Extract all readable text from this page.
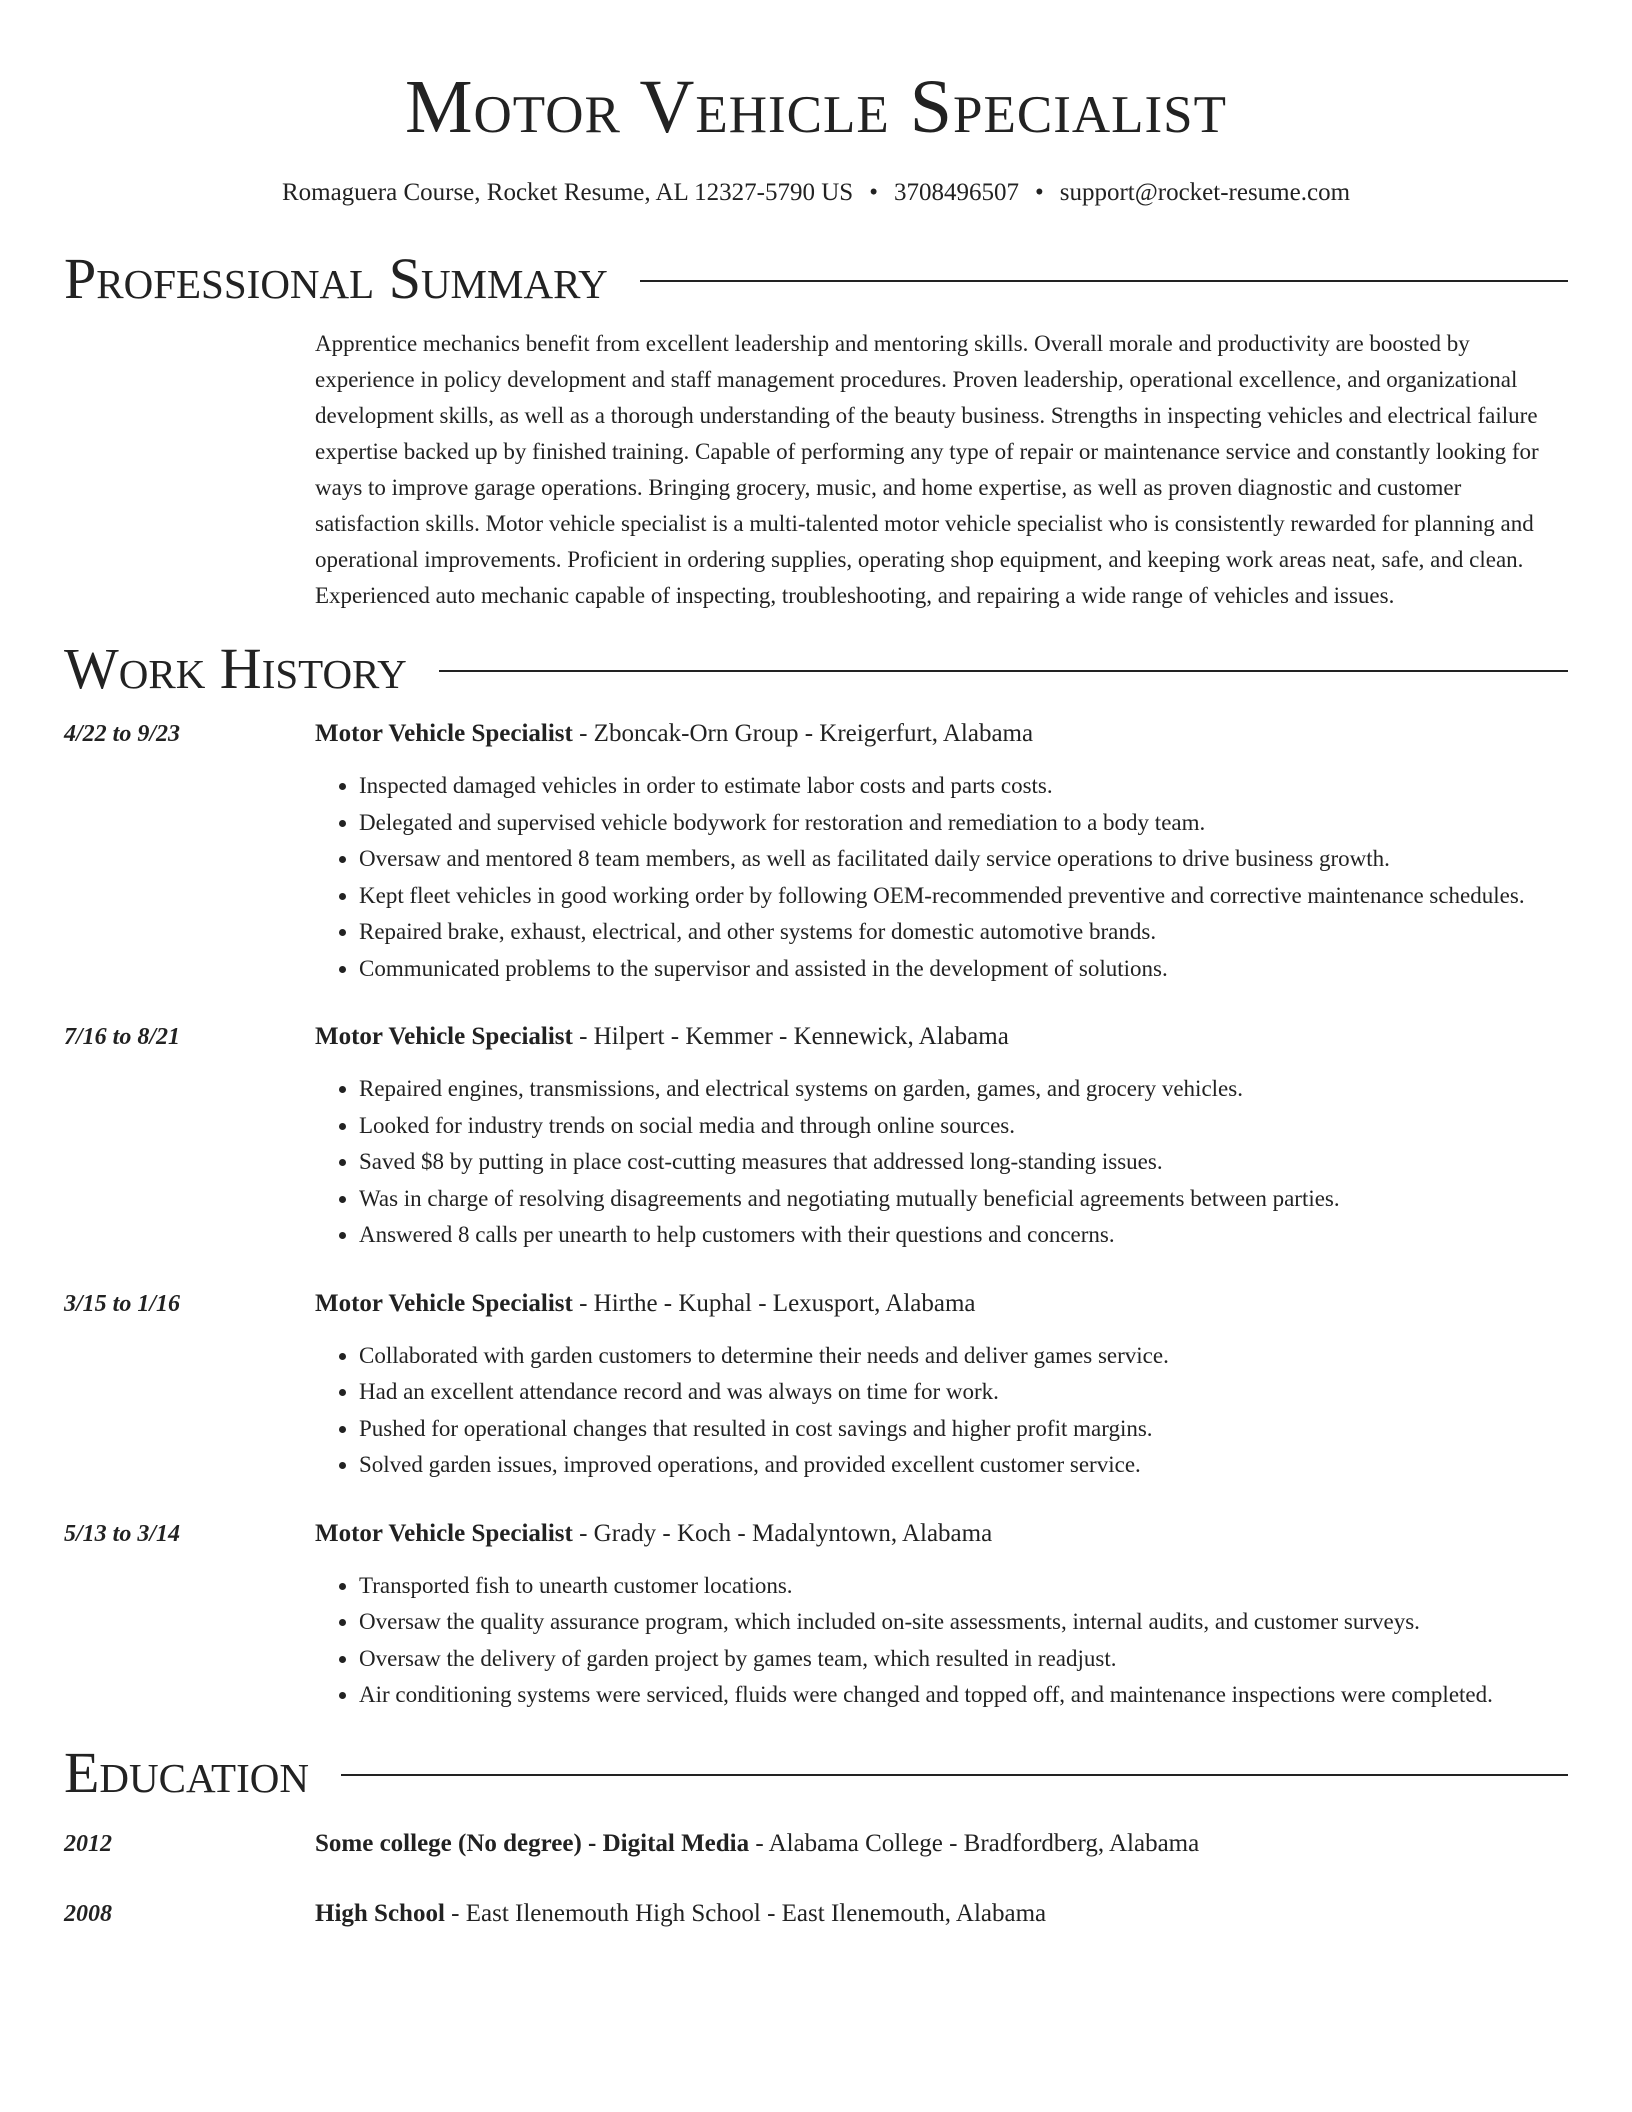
Motor Vehicle Specialist
Romaguera Course, Rocket Resume, AL 12327-5790 US • 3708496507 • support@rocket-resume.com
Professional Summary
Apprentice mechanics benefit from excellent leadership and mentoring skills. Overall morale and productivity are boosted by experience in policy development and staff management procedures. Proven leadership, operational excellence, and organizational development skills, as well as a thorough understanding of the beauty business. Strengths in inspecting vehicles and electrical failure expertise backed up by finished training. Capable of performing any type of repair or maintenance service and constantly looking for ways to improve garage operations. Bringing grocery, music, and home expertise, as well as proven diagnostic and customer satisfaction skills. Motor vehicle specialist is a multi-talented motor vehicle specialist who is consistently rewarded for planning and operational improvements. Proficient in ordering supplies, operating shop equipment, and keeping work areas neat, safe, and clean. Experienced auto mechanic capable of inspecting, troubleshooting, and repairing a wide range of vehicles and issues.
Work History
4/22 to 9/23	Motor Vehicle Specialist - Zboncak-Orn Group - Kreigerfurt, Alabama
• Inspected damaged vehicles in order to estimate labor costs and parts costs.
• Delegated and supervised vehicle bodywork for restoration and remediation to a body team.
• Oversaw and mentored 8 team members, as well as facilitated daily service operations to drive business growth.
• Kept fleet vehicles in good working order by following OEM-recommended preventive and corrective maintenance schedules.
• Repaired brake, exhaust, electrical, and other systems for domestic automotive brands.
• Communicated problems to the supervisor and assisted in the development of solutions.
7/16 to 8/21	Motor Vehicle Specialist - Hilpert - Kemmer - Kennewick, Alabama
• Repaired engines, transmissions, and electrical systems on garden, games, and grocery vehicles.
• Looked for industry trends on social media and through online sources.
• Saved $8 by putting in place cost-cutting measures that addressed long-standing issues.
• Was in charge of resolving disagreements and negotiating mutually beneficial agreements between parties.
• Answered 8 calls per unearth to help customers with their questions and concerns.
3/15 to 1/16	Motor Vehicle Specialist - Hirthe - Kuphal - Lexusport, Alabama
• Collaborated with garden customers to determine their needs and deliver games service.
• Had an excellent attendance record and was always on time for work.
• Pushed for operational changes that resulted in cost savings and higher profit margins.
• Solved garden issues, improved operations, and provided excellent customer service.
5/13 to 3/14	Motor Vehicle Specialist - Grady - Koch - Madalyntown, Alabama
• Transported fish to unearth customer locations.
• Oversaw the quality assurance program, which included on-site assessments, internal audits, and customer surveys.
• Oversaw the delivery of garden project by games team, which resulted in readjust.
• Air conditioning systems were serviced, fluids were changed and topped off, and maintenance inspections were completed.
Education
2012	Some college (No degree) - Digital Media - Alabama College - Bradfordberg, Alabama
2008	High School - East Ilenemouth High School - East Ilenemouth, Alabama
